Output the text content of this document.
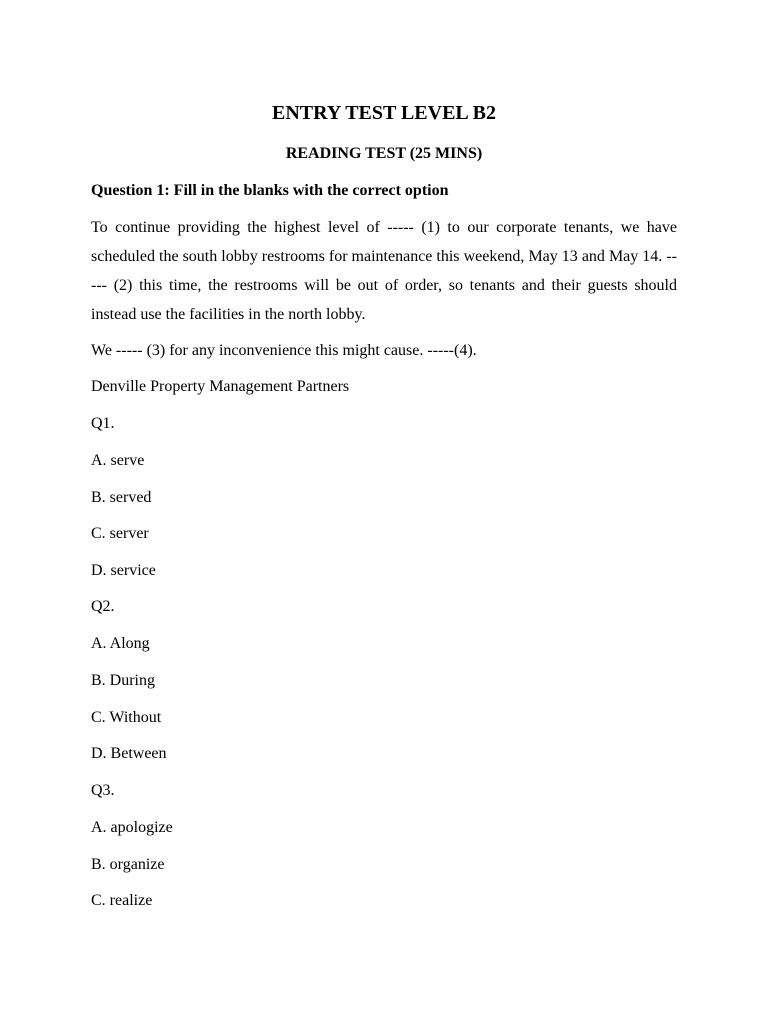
ENTRY TEST LEVEL B2
READING TEST (25 MINS)
Question 1: Fill in the blanks with the correct option

To continue providing the highest level of ----- (1) to our corporate tenants, we have scheduled the south lobby restrooms for maintenance this weekend, May 13 and May 14. ----- (2) this time, the restrooms will be out of order, so tenants and their guests should instead use the facilities in the north lobby.

We ----- (3) for any inconvenience this might cause. -----(4).
Denville Property Management Partners
Q1.
A. serve
B. served
C. server
D. service
Q2.
A. Along
B. During
C. Without
D. Between
Q3.
A. apologize
B. organize
C. realize
